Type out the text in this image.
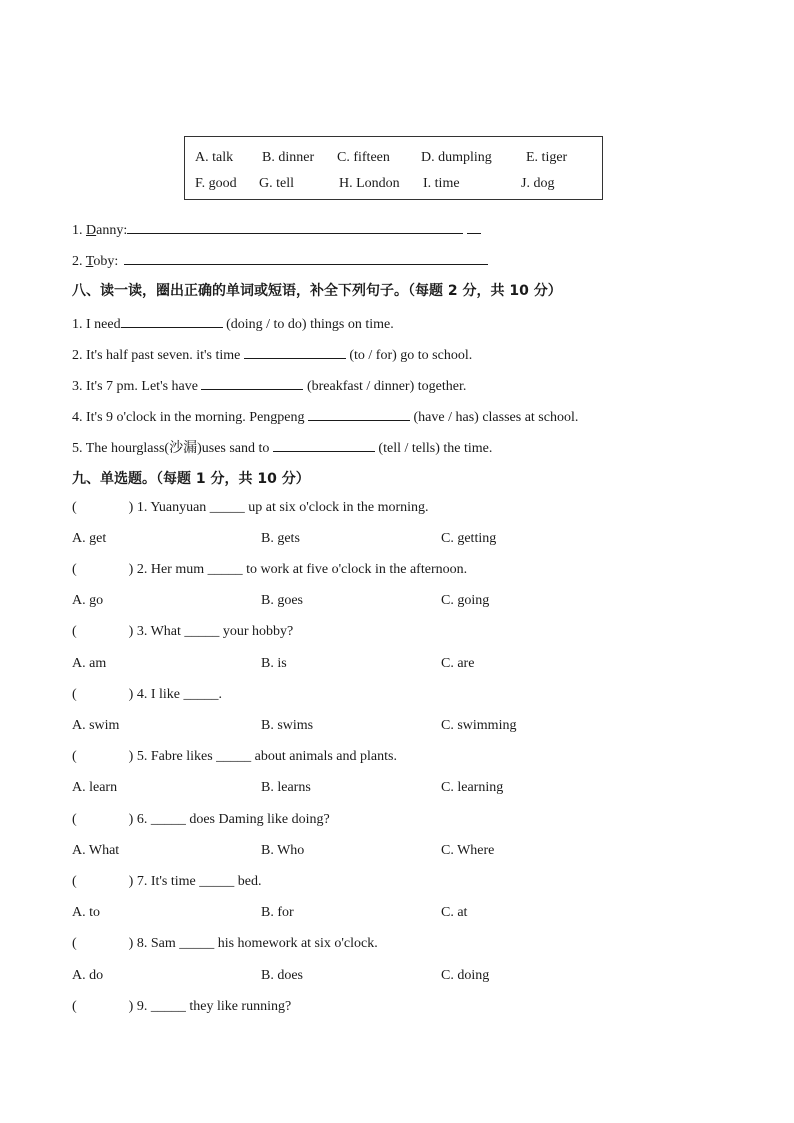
A. talk B. dinner C. fifteen D. dumpling E. tiger
F. good G. tell	H. London I. time	J. dog
1. Danny:
2. Toby:
八、读一读，圈出正确的单词或短语，补全下列句子。（每题 2 分，共 10 分）
1. I need	(doing / to do) things on time.
2. It's half past seven. it's time	(to / for) go to school.
3. It's 7 pm. Let's have	(breakfast / dinner) together.
4. It's 9 o'clock in the morning. Pengpeng	(have / has) classes at school.
5. The hourglass(沙漏)uses sand to	(tell / tells) the time.
九、单选题。（每题 1 分，共 10 分）
(	) 1. Yuanyuan _____ up at six o'clock in the morning.
A. get	B. gets	C. getting
(	) 2. Her mum _____ to work at five o'clock in the afternoon.
A. go	B. goes	C. going
(	) 3. What _____ your hobby?
A. am	B. is	C. are
(	) 4. I like _____.
A. swim	B. swims	C. swimming
(	) 5. Fabre likes _____ about animals and plants.
A. learn	B. learns	C. learning
(	) 6. _____ does Daming like doing?
A. What	B. Who	C. Where
(	) 7. It's time _____ bed.
A. to	B. for	C. at
(	) 8. Sam _____ his homework at six o'clock.
A. do	B. does	C. doing
(	) 9. _____ they like running?
